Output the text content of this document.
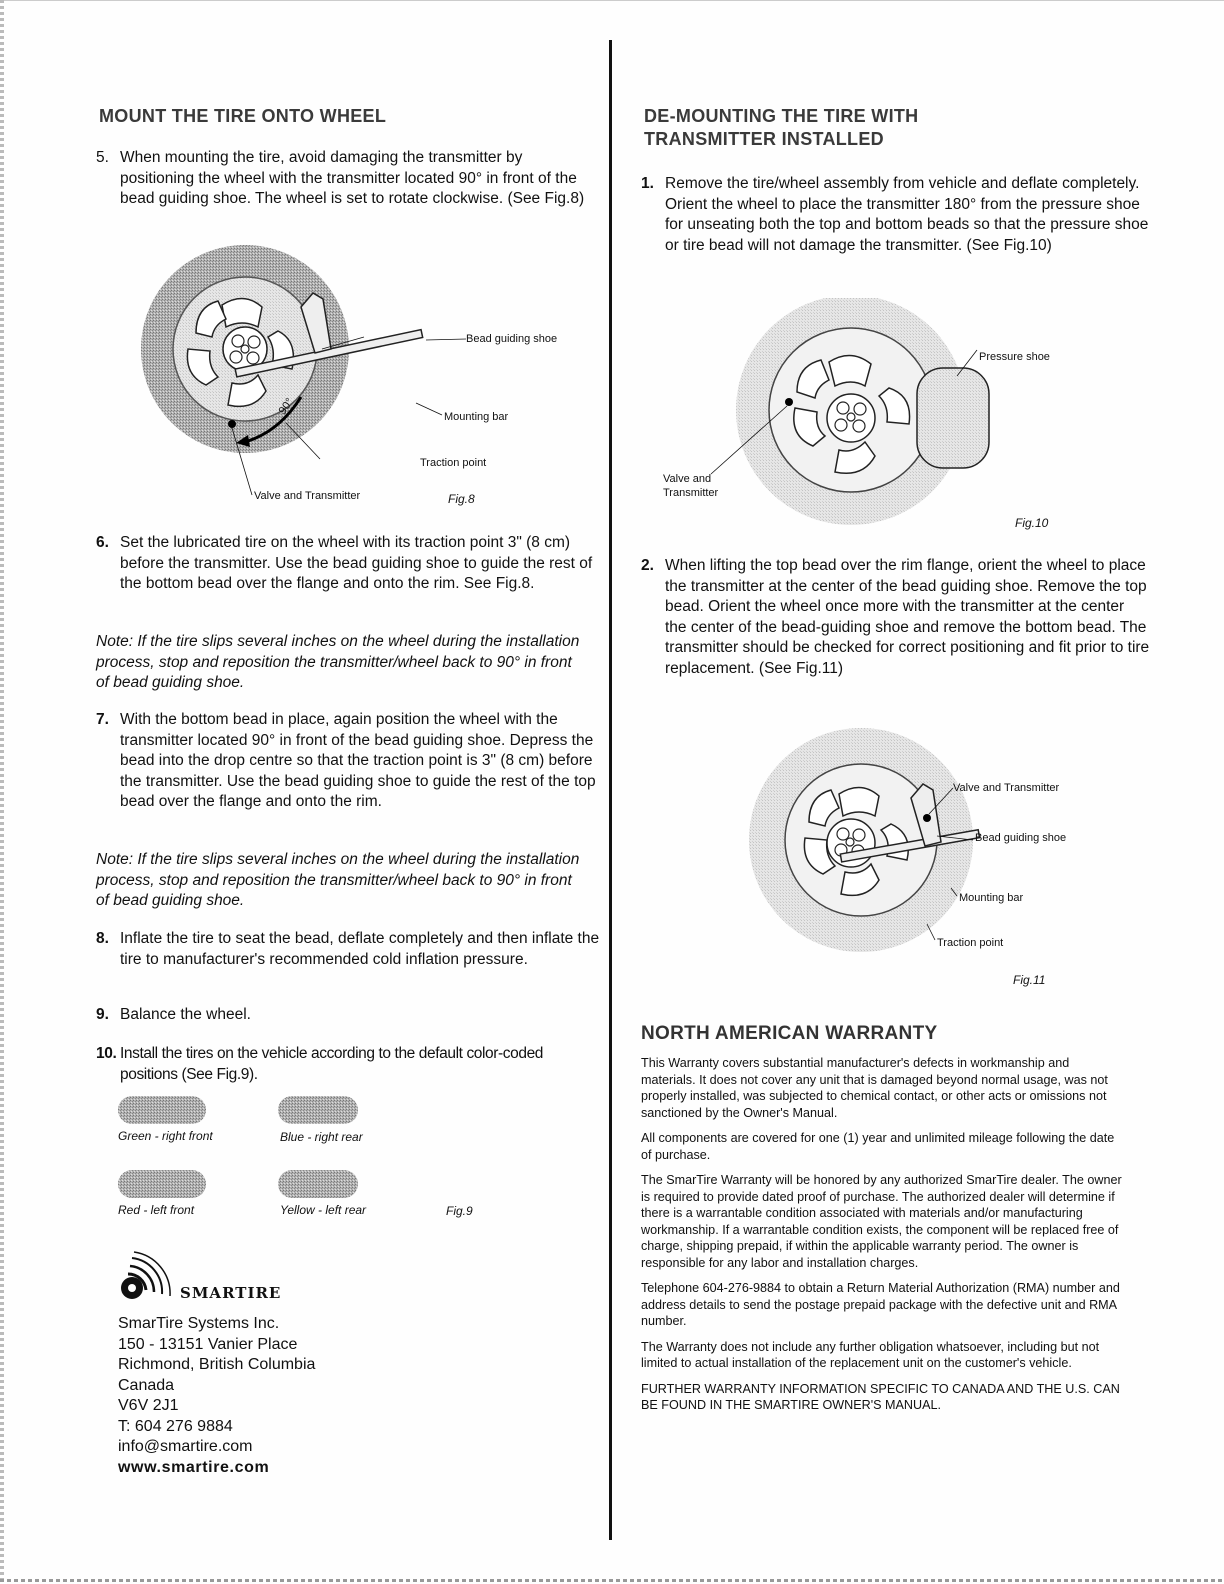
MOUNT THE TIRE ONTO WHEEL
5. When mounting the tire, avoid damaging the transmitter by positioning the wheel with the transmitter located 90° in front of the bead guiding shoe. The wheel is set to rotate clockwise. (See Fig.8)
90°
Bead guiding shoe
Mounting bar
Traction point
Valve and Transmitter	Fig.8
6. Set the lubricated tire on the wheel with its traction point 3" (8 cm) before the transmitter. Use the bead guiding shoe to guide the rest of the bottom bead over the flange and onto the rim. See Fig.8.
Note: If the tire slips several inches on the wheel during the installation process, stop and reposition the transmitter/wheel back to 90° in front of bead guiding shoe.
7. With the bottom bead in place, again position the wheel with the transmitter located 90° in front of the bead guiding shoe. Depress the bead into the drop centre so that the traction point is 3" (8 cm) before the transmitter. Use the bead guiding shoe to guide the rest of the top bead over the flange and onto the rim.
Note: If the tire slips several inches on the wheel during the installation process, stop and reposition the transmitter/wheel back to 90° in front of bead guiding shoe.
8. Inflate the tire to seat the bead, deflate completely and then inflate the tire to manufacturer's recommended cold inflation pressure.
9. Balance the wheel.
10. Install the tires on the vehicle according to the default color-coded positions (See Fig.9).
Green - right front	Blue - right rear
Red - left front	Yellow - left rear	Fig.9
SMARTIRE
SmarTire Systems Inc.
150 - 13151 Vanier Place
Richmond, British Columbia
Canada
V6V 2J1
T: 604 276 9884
info@smartire.com
www.smartire.com
DE-MOUNTING THE TIRE WITH
TRANSMITTER INSTALLED
1. Remove the tire/wheel assembly from vehicle and deflate completely. Orient the wheel to place the transmitter 180° from the pressure shoe for unseating both the top and bottom beads so that the pressure shoe or tire bead will not damage the transmitter. (See Fig.10)
Pressure shoe
Valve and
Transmitter
Fig.10
2. When lifting the top bead over the rim flange, orient the wheel to place the transmitter at the center of the bead guiding shoe. Remove the top bead. Orient the wheel once more with the transmitter at the center the center of the bead-guiding shoe and remove the bottom bead. The transmitter should be checked for correct positioning and fit prior to tire replacement. (See Fig.11)
Valve and Transmitter
Bead guiding shoe
Mounting bar
Traction point
Fig.11
NORTH AMERICAN WARRANTY

This Warranty covers substantial manufacturer's defects in workmanship and materials. It does not cover any unit that is damaged beyond normal usage, was not properly installed, was subjected to chemical contact, or other acts or omissions not sanctioned by the Owner's Manual.

All components are covered for one (1) year and unlimited mileage following the date of purchase.

The SmarTire Warranty will be honored by any authorized SmarTire dealer. The owner is required to provide dated proof of purchase. The authorized dealer will determine if there is a warrantable condition associated with materials and/or manufacturing workmanship. If a warrantable condition exists, the component will be replaced free of charge, shipping prepaid, if within the applicable warranty period. The owner is responsible for any labor and installation charges.

Telephone 604-276-9884 to obtain a Return Material Authorization (RMA) number and address details to send the postage prepaid package with the defective unit and RMA number.

The Warranty does not include any further obligation whatsoever, including but not limited to actual installation of the replacement unit on the customer's vehicle.

FURTHER WARRANTY INFORMATION SPECIFIC TO CANADA AND THE U.S. CAN BE FOUND IN THE SMARTIRE OWNER'S MANUAL.
